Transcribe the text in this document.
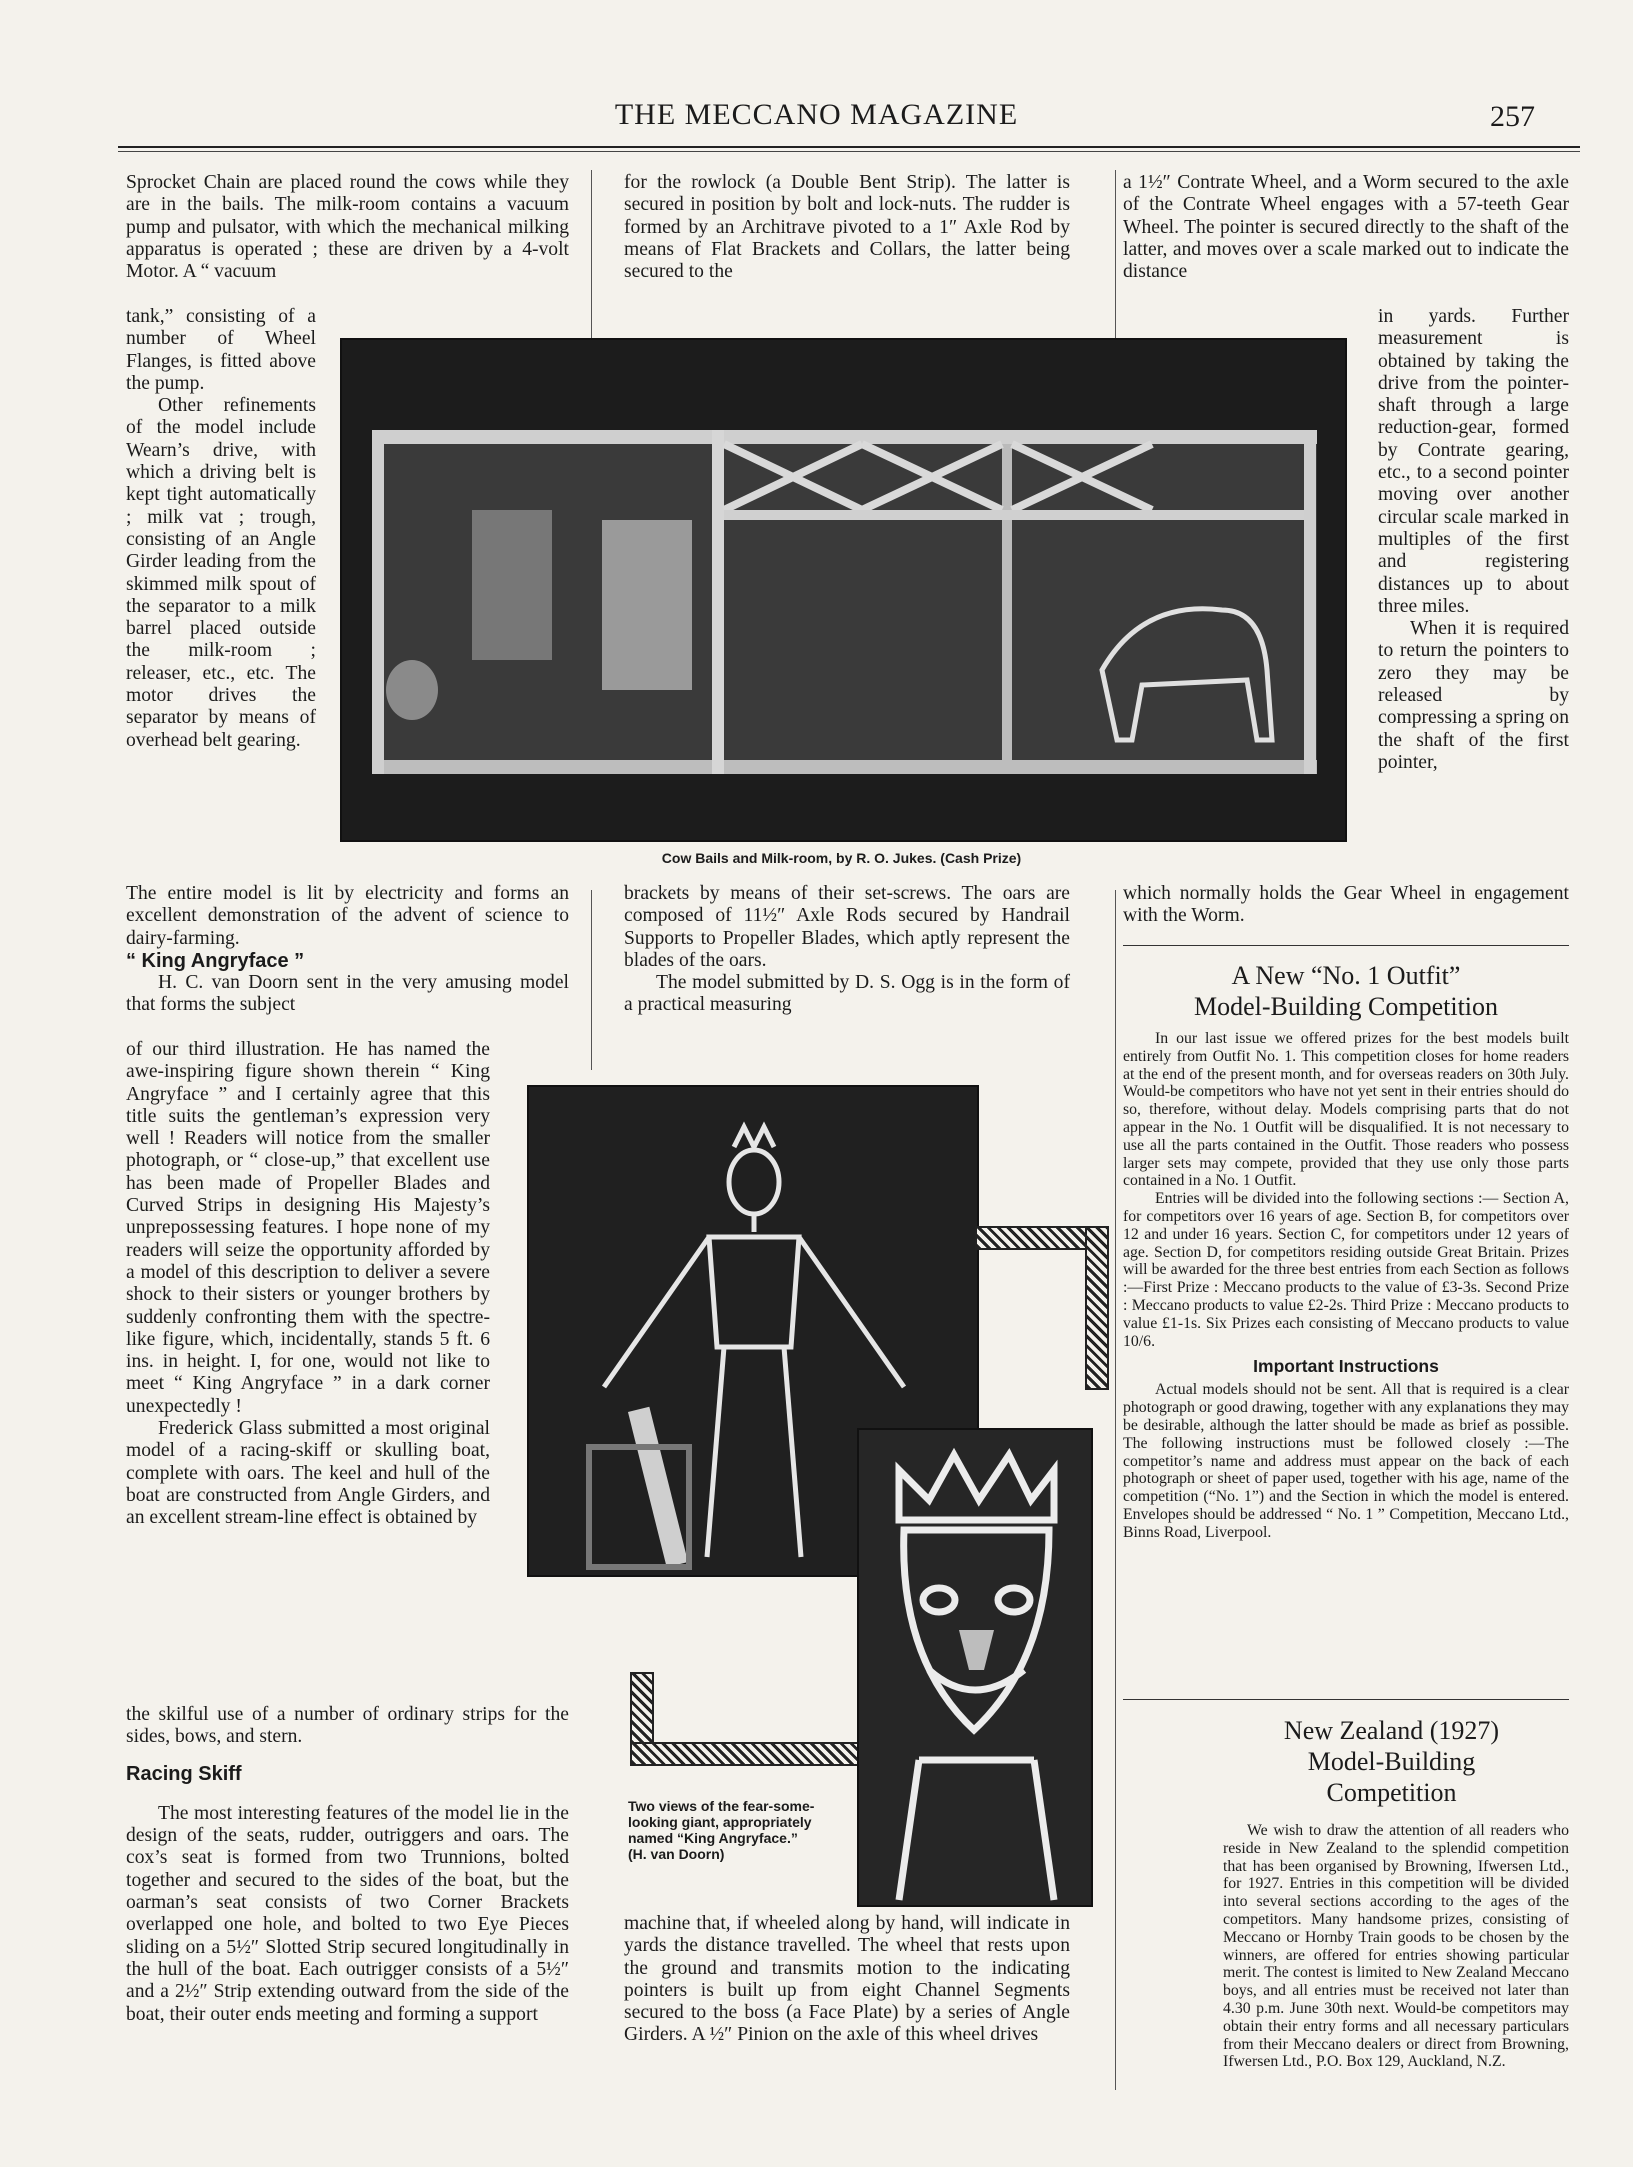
THE MECCANO MAGAZINE	257

Sprocket Chain are placed round the cows while they are in the bails. The milk-room contains a vacuum pump and pulsator, with which the mechanical milking apparatus is operated ; these are driven by a 4-volt Motor. A “ vacuum

tank,” consisting of a number of Wheel Flanges, is fitted above the pump.

Other refinements of the model include Wearn’s drive, with which a driving belt is kept tight automatically ; milk vat ; trough, consisting of an Angle Girder leading from the skimmed milk spout of the separator to a milk barrel placed outside the milk-room ; releaser, etc., etc. The motor drives the separator by means of overhead belt gearing.

Cow Bails and Milk-room, by R. O. Jukes. (Cash Prize)

a 1½″ Contrate Wheel, and a Worm secured to the axle of the Contrate Wheel engages with a 57-teeth Gear Wheel. The pointer is secured directly to the shaft of the latter, and moves over a scale marked out to indicate the distance

in yards. Further measurement is obtained by taking the drive from the pointer-shaft through a large reduction-gear, formed by Contrate gearing, etc., to a second pointer moving over another circular scale marked in multiples of the first and registering distances up to about three miles.

When it is required to return the pointers to zero they may be released by compressing a spring on the shaft of the first pointer,

for the rowlock (a Double Bent Strip). The latter is secured in position by bolt and lock-nuts. The rudder is formed by an Architrave pivoted to a 1″ Axle Rod by means of Flat Brackets and Collars, the latter being secured to the

The entire model is lit by electricity and forms an excellent demonstration of the advent of science to dairy-farming.

“ King Angryface ”

H. C. van Doorn sent in the very amusing model that forms the subject

of our third illustration. He has named the awe-inspiring figure shown therein “ King Angryface ” and I certainly agree that this title suits the gentleman’s expression very well ! Readers will notice from the smaller photograph, or “ close-up,” that excellent use has been made of Propeller Blades and Curved Strips in designing His Majesty’s unprepossessing features. I hope none of my readers will seize the opportunity afforded by a model of this description to deliver a severe shock to their sisters or younger brothers by suddenly confronting them with the spectre-like figure, which, incidentally, stands 5 ft. 6 ins. in height. I, for one, would not like to meet “ King Angryface ” in a dark corner unexpectedly !

Frederick Glass submitted a most original model of a racing-skiff or skulling boat, complete with oars. The keel and hull of the boat are constructed from Angle Girders, and an excellent stream-line effect is obtained by

the skilful use of a number of ordinary strips for the sides, bows, and stern.

Racing Skiff

The most interesting features of the model lie in the design of the seats, rudder, outriggers and oars. The cox’s seat is formed from two Trunnions, bolted together and secured to the sides of the boat, but the oarman’s seat consists of two Corner Brackets overlapped one hole, and bolted to two Eye Pieces sliding on a 5½″ Slotted Strip secured longitudinally in the hull of the boat. Each outrigger consists of a 5½″ and a 2½″ Strip extending outward from the side of the boat, their outer ends meeting and forming a support

brackets by means of their set-screws. The oars are composed of 11½″ Axle Rods secured by Handrail Supports to Propeller Blades, which aptly represent the blades of the oars.

The model submitted by D. S. Ogg is in the form of a practical measuring

which normally holds the Gear Wheel in engagement with the Worm.

Two views of the fear-some-looking giant, appropriately named “King Angryface.” (H. van Doorn)

machine that, if wheeled along by hand, will indicate in yards the distance travelled. The wheel that rests upon the ground and transmits motion to the indicating pointers is built up from eight Channel Segments secured to the boss (a Face Plate) by a series of Angle Girders. A ½″ Pinion on the axle of this wheel drives

A New “No. 1 Outfit”
Model-Building Competition

In our last issue we offered prizes for the best models built entirely from Outfit No. 1. This competition closes for home readers at the end of the present month, and for overseas readers on 30th July. Would-be competitors who have not yet sent in their entries should do so, therefore, without delay. Models comprising parts that do not appear in the No. 1 Outfit will be disqualified. It is not necessary to use all the parts contained in the Outfit. Those readers who possess larger sets may compete, provided that they use only those parts contained in a No. 1 Outfit.

Entries will be divided into the following sections :— Section A, for competitors over 16 years of age. Section B, for competitors over 12 and under 16 years. Section C, for competitors under 12 years of age. Section D, for competitors residing outside Great Britain. Prizes will be awarded for the three best entries from each Section as follows :—First Prize : Meccano products to the value of £3-3s. Second Prize : Meccano products to value £2-2s. Third Prize : Meccano products to value £1-1s. Six Prizes each consisting of Meccano products to value 10/6.

Important Instructions

Actual models should not be sent. All that is required is a clear photograph or good drawing, together with any explanations they may be desirable, although the latter should be made as brief as possible. The following instructions must be followed closely :—The competitor’s name and address must appear on the back of each photograph or sheet of paper used, together with his age, name of the competition (“No. 1”) and the Section in which the model is entered. Envelopes should be addressed “ No. 1 ” Competition, Meccano Ltd., Binns Road, Liverpool.

New Zealand (1927)
Model-Building
Competition

We wish to draw the attention of all readers who reside in New Zealand to the splendid competition that has been organised by Browning, Ifwersen Ltd., for 1927. Entries in this competition will be divided into several sections according to the ages of the competitors. Many handsome prizes, consisting of Meccano or Hornby Train goods to be chosen by the winners, are offered for entries showing particular merit. The contest is limited to New Zealand Meccano boys, and all entries must be received not later than 4.30 p.m. June 30th next. Would-be competitors may obtain their entry forms and all necessary particulars from their Meccano dealers or direct from Browning, Ifwersen Ltd., P.O. Box 129, Auckland, N.Z.
